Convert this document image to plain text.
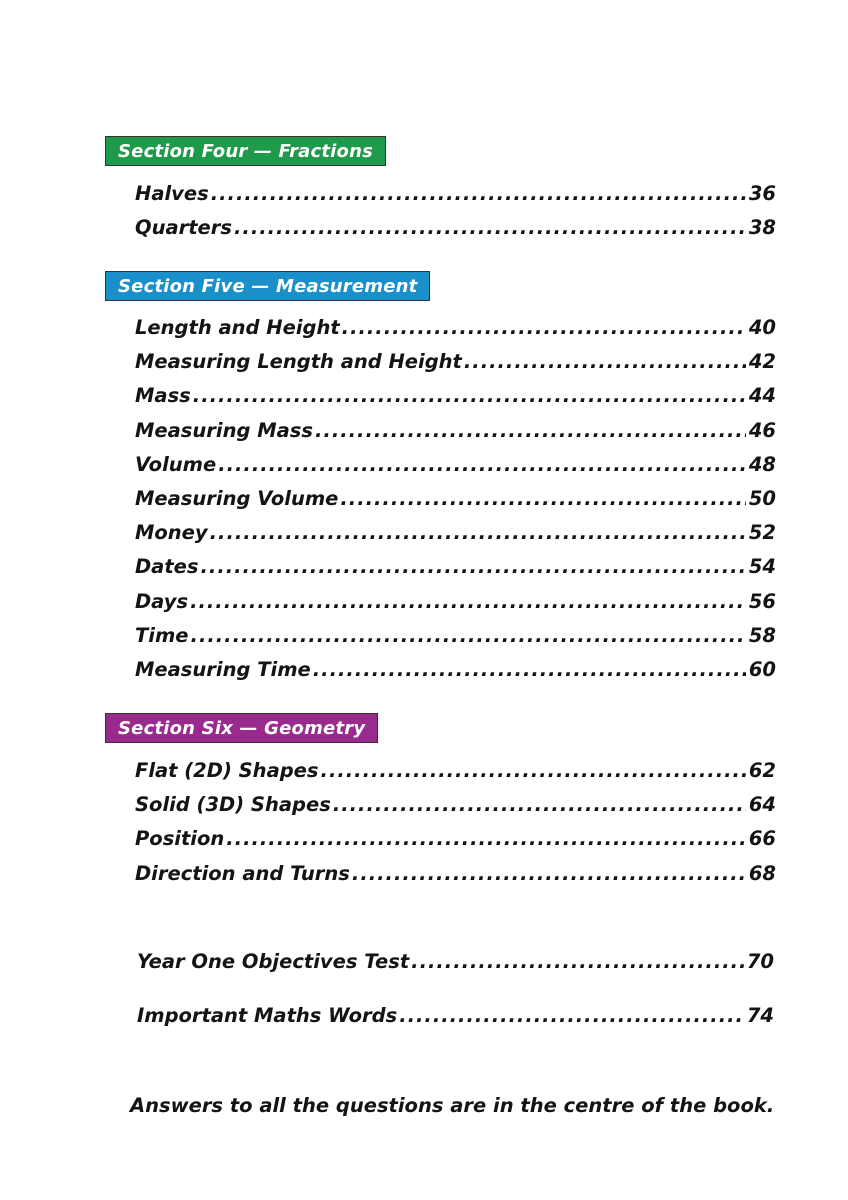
Section Four — Fractions
Halves .....	36
Quarters .....	38
Section Five — Measurement
Length and Height .....	40
Measuring Length and Height .....	42
Mass .....	44
Measuring Mass .....	46
Volume .....	48
Measuring Volume .....	50
Money .....	52
Dates .....	54
Days .....	56
Time .....	58
Measuring Time .....	60
Section Six — Geometry
Flat (2D) Shapes .....	62
Solid (3D) Shapes .....	64
Position .....	66
Direction and Turns .....	68
Year One Objectives Test .....	70
Important Maths Words .....	74
Answers to all the questions are in the centre of the book.
